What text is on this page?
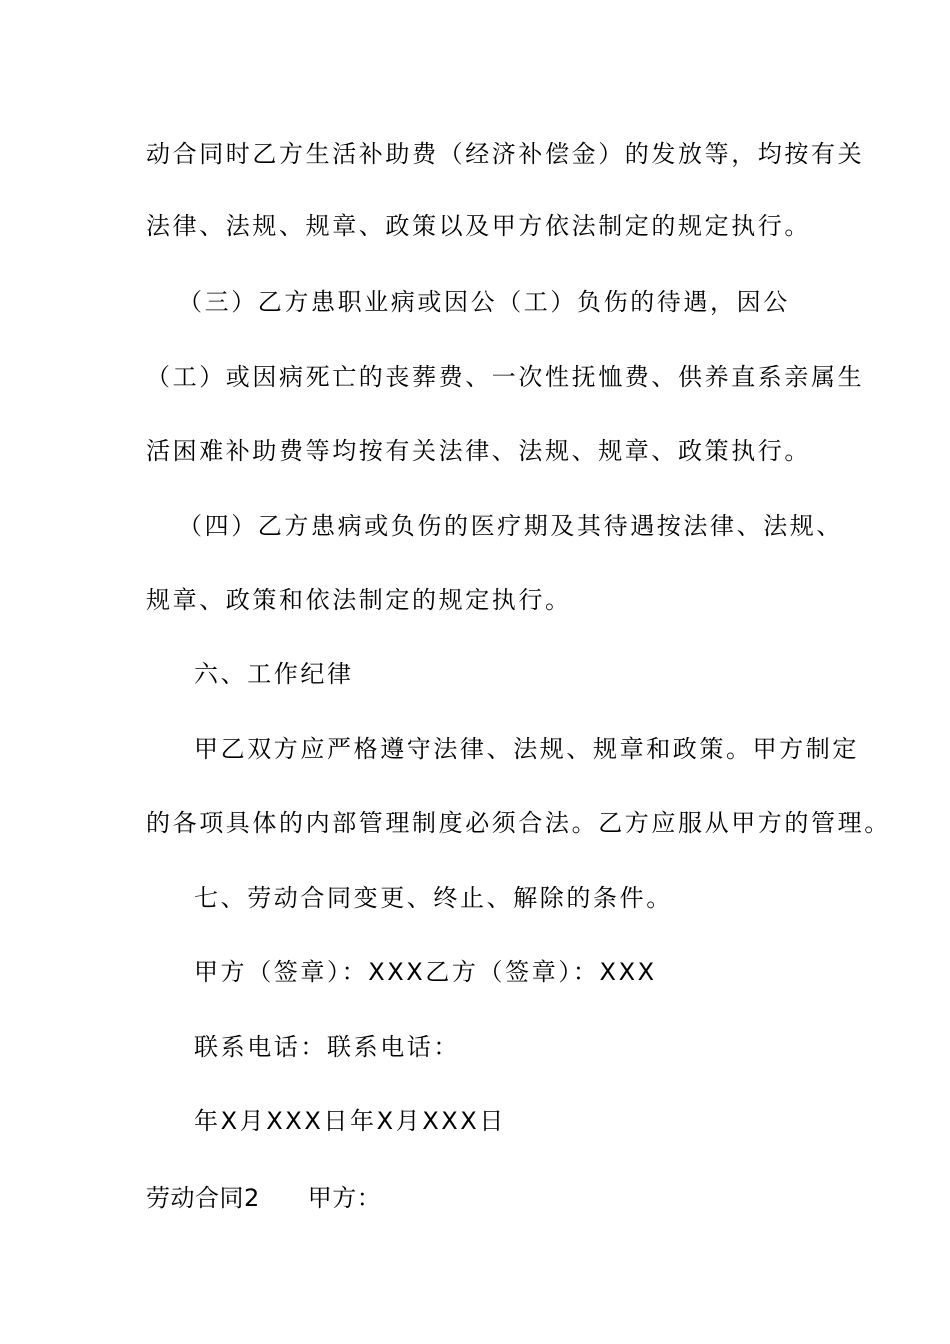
动合同时乙方生活补助费（经济补偿金）的发放等，均按有关
法律、法规、规章、政策以及甲方依法制定的规定执行。
（三）乙方患职业病或因公（工）负伤的待遇，因公
（工）或因病死亡的丧葬费、一次性抚恤费、供养直系亲属生
活困难补助费等均按有关法律、法规、规章、政策执行。
（四）乙方患病或负伤的医疗期及其待遇按法律、法规、
规章、政策和依法制定的规定执行。
六、工作纪律
甲乙双方应严格遵守法律、法规、规章和政策。甲方制定
的各项具体的内部管理制度必须合法。乙方应服从甲方的管理。
七、劳动合同变更、终止、解除的条件。
甲方（签章）：XXX乙方（签章）：XXX
联系电话：联系电话：
年X月XXX日年X月XXX日
劳动合同2 甲方：
